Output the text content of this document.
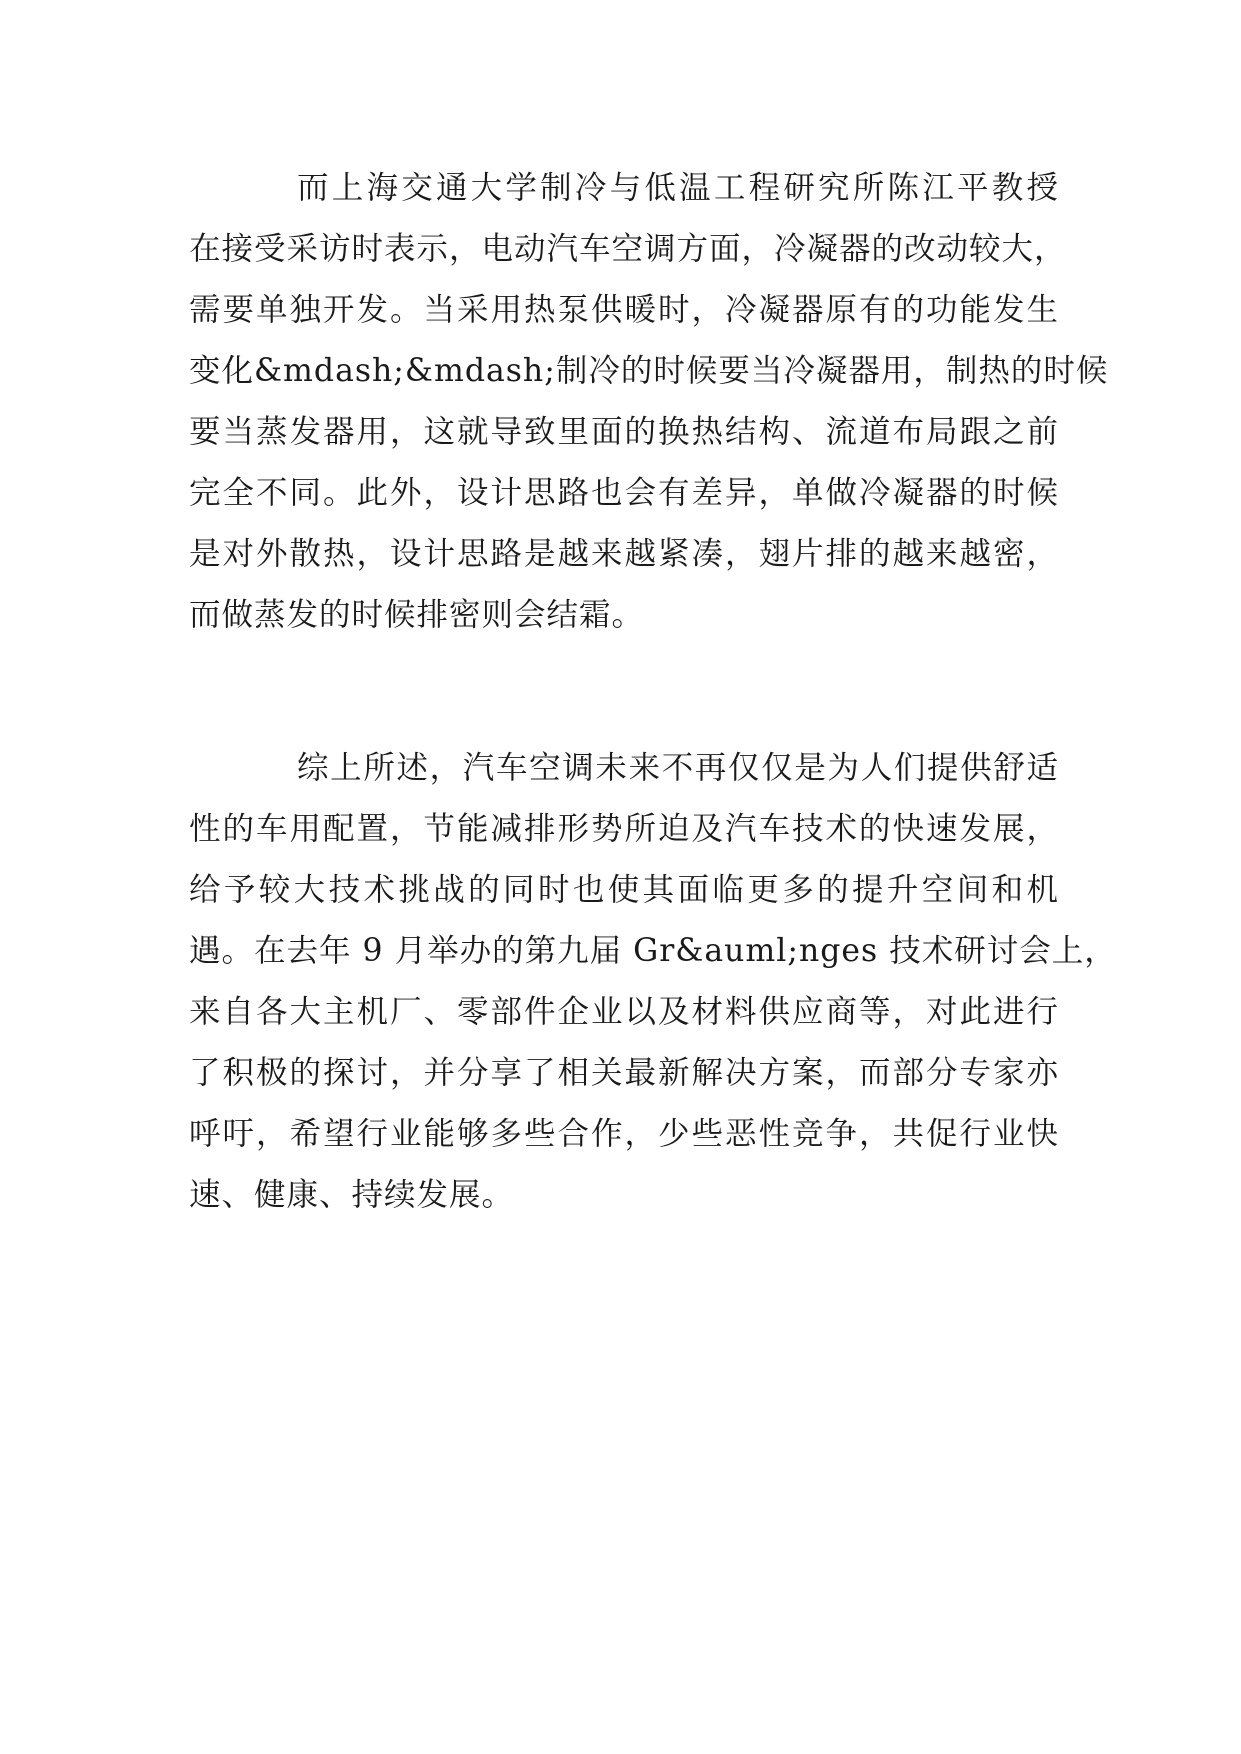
而上海交通大学制冷与低温工程研究所陈江平教授
在接受采访时表示，电动汽车空调方面，冷凝器的改动较大，
需要单独开发。当采用热泵供暖时，冷凝器原有的功能发生
变化&mdash;&mdash;制冷的时候要当冷凝器用，制热的时候
要当蒸发器用，这就导致里面的换热结构、流道布局跟之前
完全不同。此外，设计思路也会有差异，单做冷凝器的时候
是对外散热，设计思路是越来越紧凑，翅片排的越来越密，
而做蒸发的时候排密则会结霜。
综上所述，汽车空调未来不再仅仅是为人们提供舒适
性的车用配置，节能减排形势所迫及汽车技术的快速发展，
给予较大技术挑战的同时也使其面临更多的提升空间和机
遇。在去年 9 月举办的第九届 Gr&auml;nges 技术研讨会上，
来自各大主机厂、零部件企业以及材料供应商等，对此进行
了积极的探讨，并分享了相关最新解决方案，而部分专家亦
呼吁，希望行业能够多些合作，少些恶性竞争，共促行业快
速、健康、持续发展。
